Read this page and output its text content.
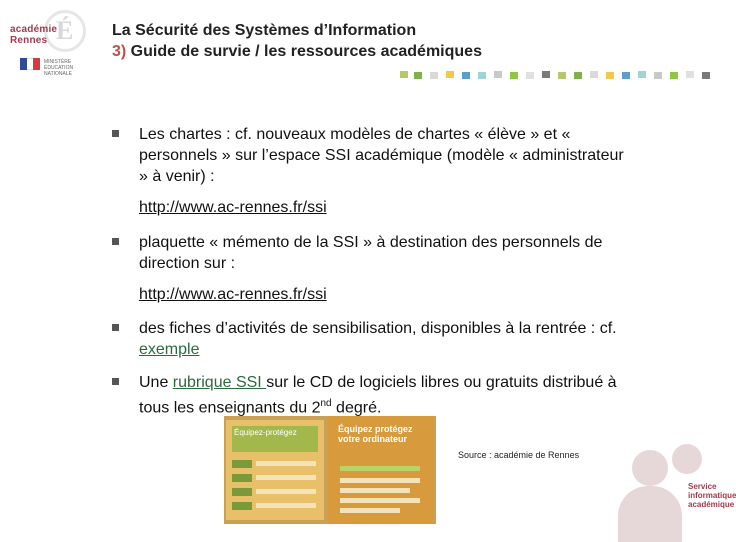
É
académie
Rennes
MINISTÈRE ÉDUCATION NATIONALE
La Sécurité des Systèmes d’Information
3) Guide de survie / les ressources académiques
Les chartes : cf. nouveaux modèles de chartes « élève » et « personnels » sur l’espace SSI académique (modèle « administrateur » à venir) :
http://www.ac-rennes.fr/ssi
plaquette « mémento de la SSI » à destination des personnels de direction sur :
http://www.ac-rennes.fr/ssi
des fiches d’activités de sensibilisation, disponibles à la rentrée : cf. exemple
Une rubrique SSI sur le CD de logiciels libres ou gratuits distribué à tous les enseignants du 2nd degré.
Équipez-protégez	Équipez protégez votre ordinateur
Source : académie de Rennes
Service informatique académique
